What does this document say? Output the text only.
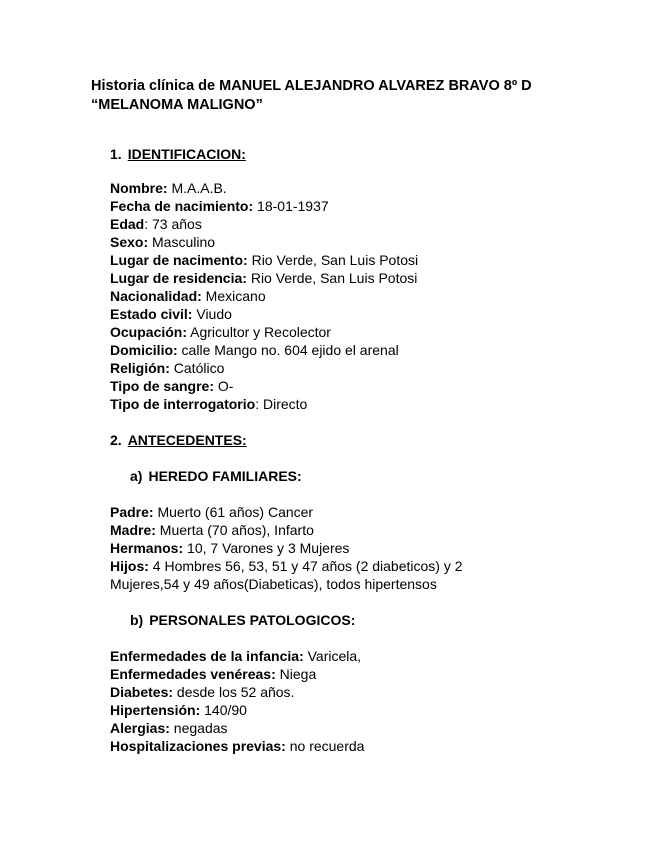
Historia clínica de MANUEL ALEJANDRO ALVAREZ BRAVO 8º D
“MELANOMA MALIGNO”
1. IDENTIFICACION:
Nombre: M.A.A.B.
Fecha de nacimiento: 18-01-1937
Edad: 73 años
Sexo: Masculino
Lugar de nacimento: Rio Verde, San Luis Potosi
Lugar de residencia: Rio Verde, San Luis Potosi
Nacionalidad: Mexicano
Estado civil: Viudo
Ocupación: Agricultor y Recolector
Domicilio: calle Mango no. 604 ejido el arenal
Religión: Católico
Tipo de sangre: O-
Tipo de interrogatorio: Directo
2. ANTECEDENTES:
a) HEREDO FAMILIARES:
Padre: Muerto (61 años) Cancer
Madre: Muerta (70 años), Infarto
Hermanos: 10, 7 Varones y 3 Mujeres
Hijos: 4 Hombres 56, 53, 51 y 47 años (2 diabeticos) y 2
Mujeres,54 y 49 años(Diabeticas), todos hipertensos
b) PERSONALES PATOLOGICOS:
Enfermedades de la infancia: Varicela,
Enfermedades venéreas: Niega
Diabetes: desde los 52 años.
Hipertensión: 140/90
Alergias: negadas
Hospitalizaciones previas: no recuerda
